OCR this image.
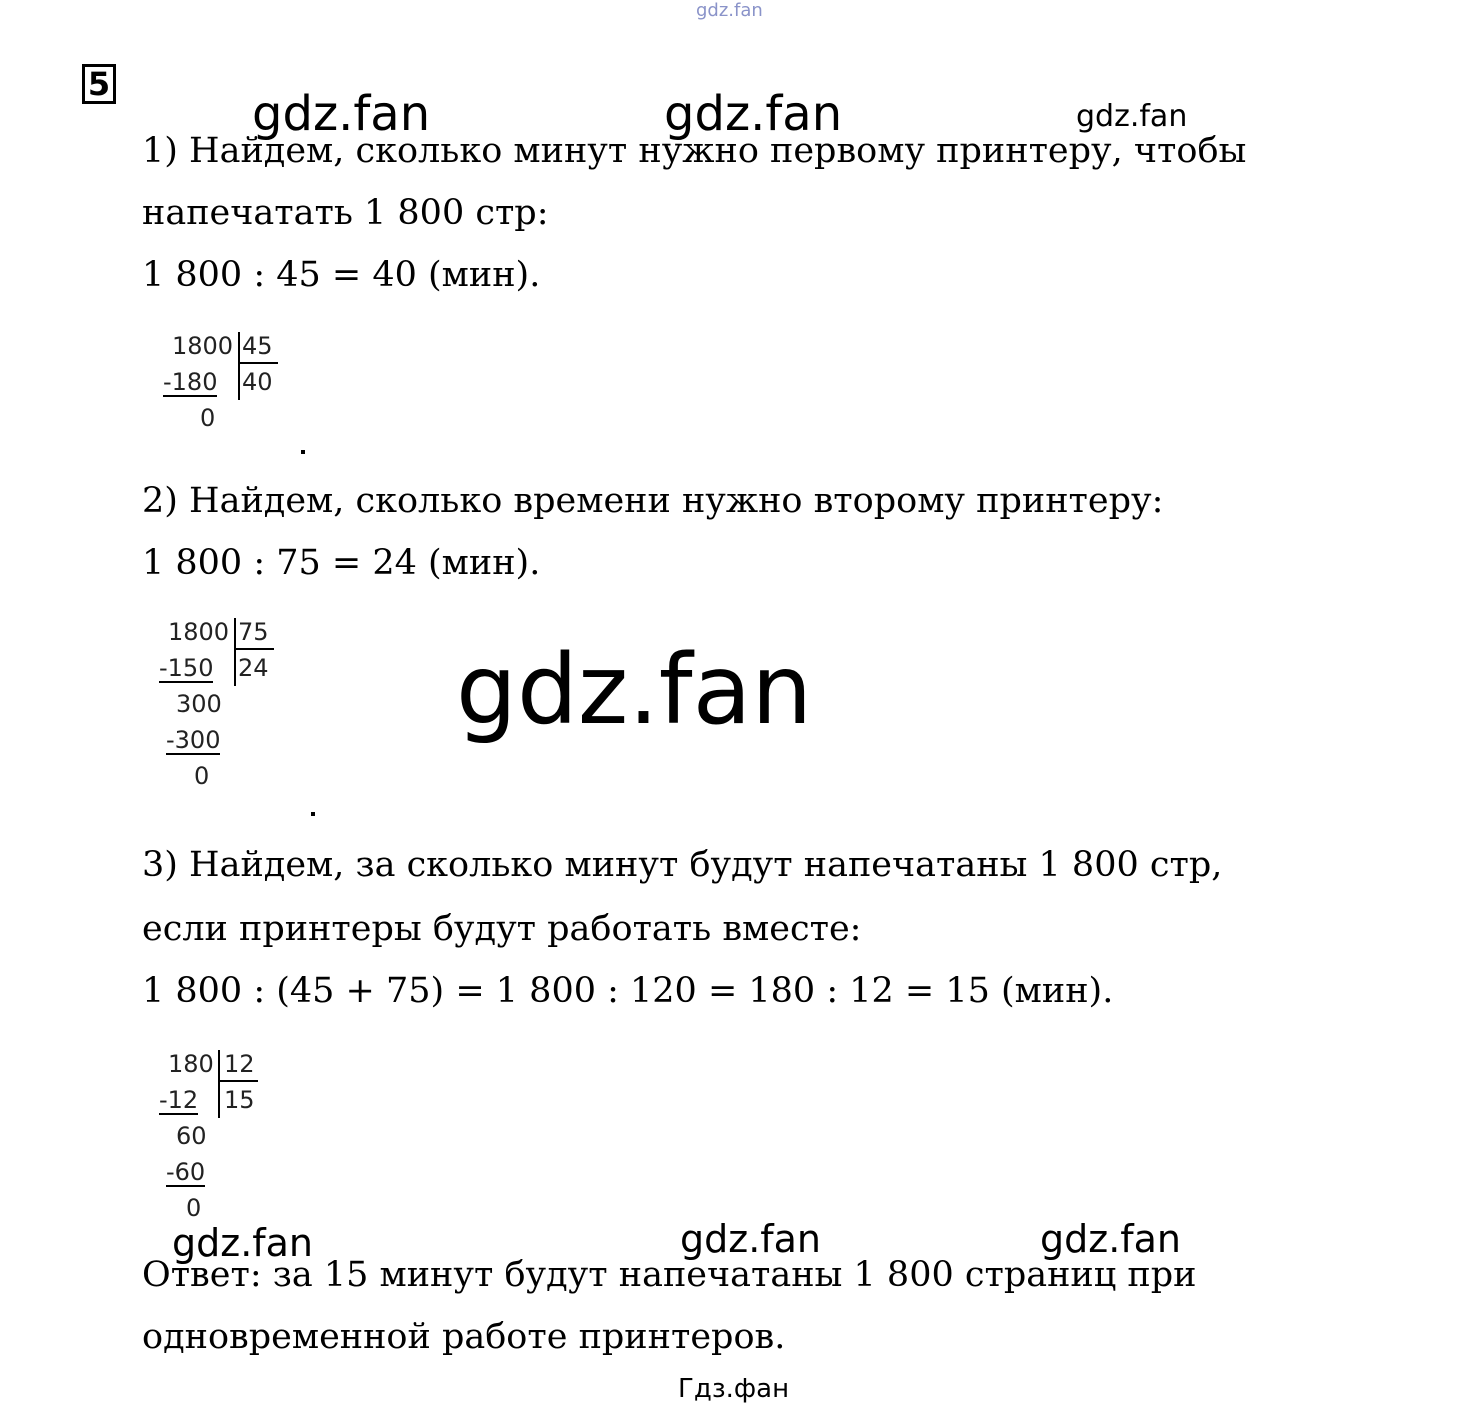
gdz.fan
gdz.fan	gdz.fan	gdz.fan
gdz.fan
gdz.fan	gdz.fan	gdz.fan
Гдз.фан
5
1) Найдем, сколько минут нужно первому принтеру, чтобы
напечатать 1 800 стр:
1 800 : 45 = 40 (мин).
1800 45
-180 40
0
2) Найдем, сколько времени нужно второму принтеру:
1 800 : 75 = 24 (мин).
1800 75
-150 24
300
-300
0
3) Найдем, за сколько минут будут напечатаны 1 800 стр,
если принтеры будут работать вместе:
1 800 : (45 + 75) = 1 800 : 120 = 180 : 12 = 15 (мин).
180 12
-12 15
60
-60
0
Ответ: за 15 минут будут напечатаны 1 800 страниц при
одновременной работе принтеров.
